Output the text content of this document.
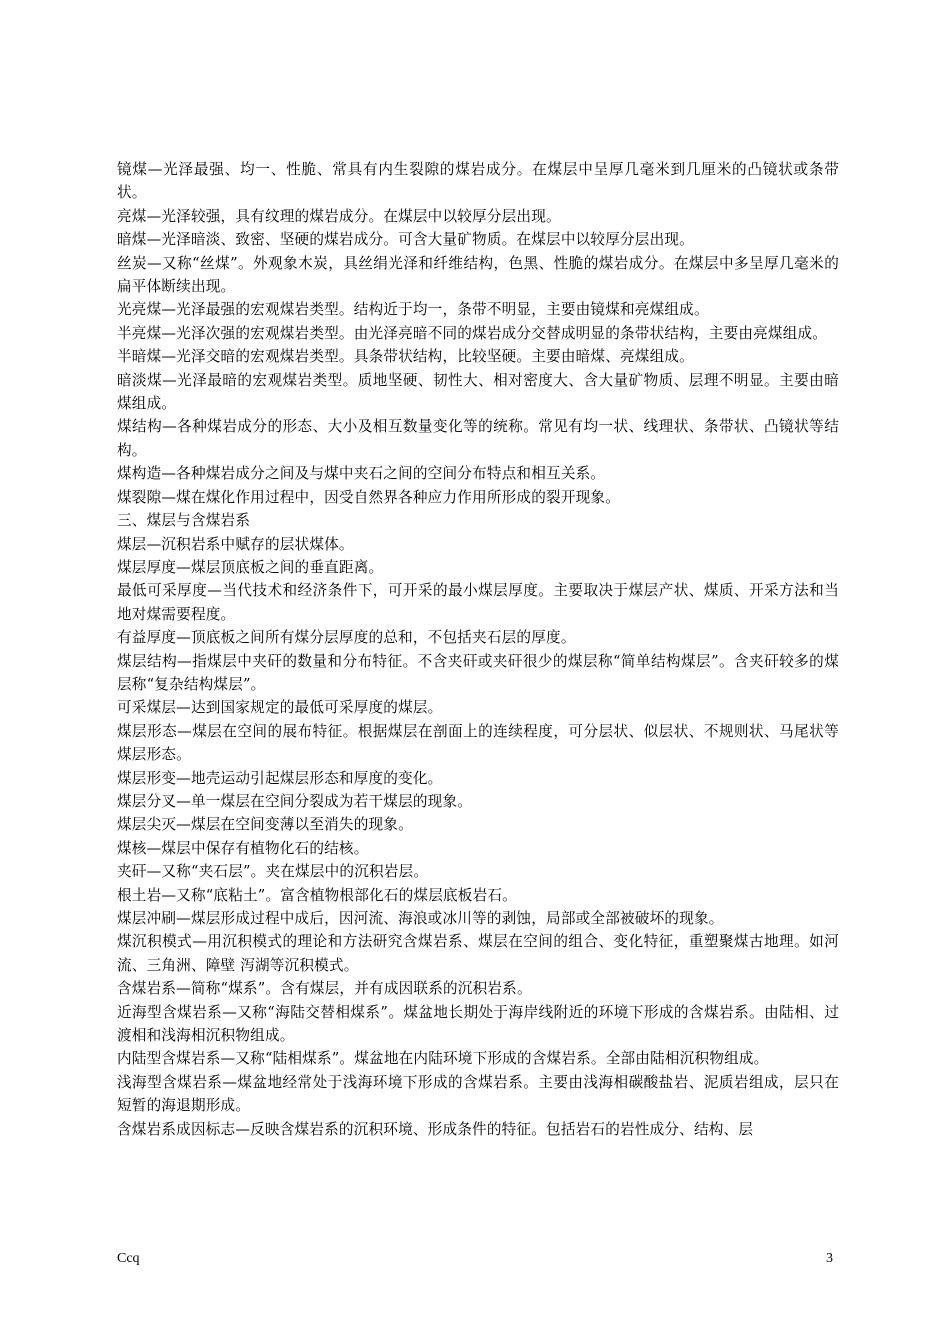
镜煤—光泽最强、均一、性脆、常具有内生裂隙的煤岩成分。在煤层中呈厚几毫米到几厘米的凸镜状或条带状。

亮煤—光泽较强，具有纹理的煤岩成分。在煤层中以较厚分层出现。

暗煤—光泽暗淡、致密、坚硬的煤岩成分。可含大量矿物质。在煤层中以较厚分层出现。

丝炭—又称“丝煤”。外观象木炭，具丝绢光泽和纤维结构，色黑、性脆的煤岩成分。在煤层中多呈厚几毫米的扁平体断续出现。

光亮煤—光泽最强的宏观煤岩类型。结构近于均一，条带不明显，主要由镜煤和亮煤组成。

半亮煤—光泽次强的宏观煤岩类型。由光泽亮暗不同的煤岩成分交替成明显的条带状结构，主要由亮煤组成。

半暗煤—光泽交暗的宏观煤岩类型。具条带状结构，比较坚硬。主要由暗煤、亮煤组成。

暗淡煤—光泽最暗的宏观煤岩类型。质地坚硬、韧性大、相对密度大、含大量矿物质、层理不明显。主要由暗煤组成。

煤结构—各种煤岩成分的形态、大小及相互数量变化等的统称。常见有均一状、线理状、条带状、凸镜状等结构。

煤构造—各种煤岩成分之间及与煤中夹石之间的空间分布特点和相互关系。

煤裂隙—煤在煤化作用过程中，因受自然界各种应力作用所形成的裂开现象。

三、煤层与含煤岩系

煤层—沉积岩系中赋存的层状煤体。

煤层厚度—煤层顶底板之间的垂直距离。

最低可采厚度—当代技术和经济条件下，可开采的最小煤层厚度。主要取决于煤层产状、煤质、开采方法和当地对煤需要程度。

有益厚度—顶底板之间所有煤分层厚度的总和，不包括夹石层的厚度。

煤层结构—指煤层中夹矸的数量和分布特征。不含夹矸或夹矸很少的煤层称“简单结构煤层”。含夹矸较多的煤层称“复杂结构煤层”。

可采煤层—达到国家规定的最低可采厚度的煤层。

煤层形态—煤层在空间的展布特征。根据煤层在剖面上的连续程度，可分层状、似层状、不规则状、马尾状等煤层形态。

煤层形变—地壳运动引起煤层形态和厚度的变化。

煤层分叉—单一煤层在空间分裂成为若干煤层的现象。

煤层尖灭—煤层在空间变薄以至消失的现象。

煤核—煤层中保存有植物化石的结核。

夹矸—又称“夹石层”。夹在煤层中的沉积岩层。

根土岩—又称“底粘土”。富含植物根部化石的煤层底板岩石。

煤层冲刷—煤层形成过程中成后，因河流、海浪或冰川等的剥蚀，局部或全部被破坏的现象。

煤沉积模式—用沉积模式的理论和方法研究含煤岩系、煤层在空间的组合、变化特征，重塑聚煤古地理。如河流、三角洲、障壁 泻湖等沉积模式。

含煤岩系—简称“煤系”。含有煤层，并有成因联系的沉积岩系。

近海型含煤岩系—又称“海陆交替相煤系”。煤盆地长期处于海岸线附近的环境下形成的含煤岩系。由陆相、过渡相和浅海相沉积物组成。

内陆型含煤岩系—又称“陆相煤系”。煤盆地在内陆环境下形成的含煤岩系。全部由陆相沉积物组成。

浅海型含煤岩系—煤盆地经常处于浅海环境下形成的含煤岩系。主要由浅海相碳酸盐岩、泥质岩组成，层只在短暂的海退期形成。

含煤岩系成因标志—反映含煤岩系的沉积环境、形成条件的特征。包括岩石的岩性成分、结构、层

Ccq	3
